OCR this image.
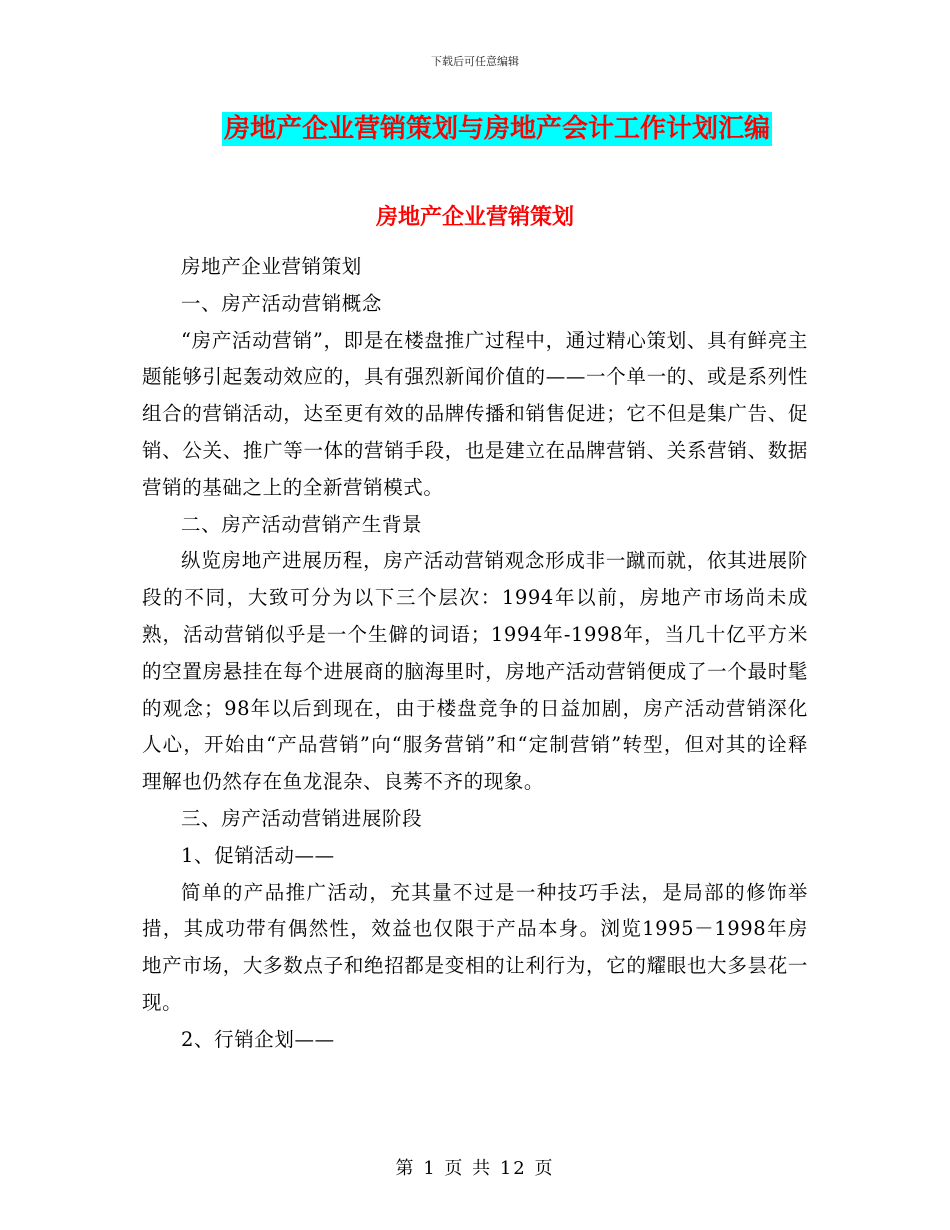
下载后可任意编辑
房地产企业营销策划与房地产会计工作计划汇编
房地产企业营销策划

房地产企业营销策划

一、房产活动营销概念

“房产活动营销”，即是在楼盘推广过程中，通过精心策划、具有鲜亮主题能够引起轰动效应的，具有强烈新闻价值的——一个单一的、或是系列性组合的营销活动，达至更有效的品牌传播和销售促进；它不但是集广告、促销、公关、推广等一体的营销手段，也是建立在品牌营销、关系营销、数据营销的基础之上的全新营销模式。

二、房产活动营销产生背景

纵览房地产进展历程，房产活动营销观念形成非一蹴而就，依其进展阶段的不同，大致可分为以下三个层次：1994年以前，房地产市场尚未成熟，活动营销似乎是一个生僻的词语；1994年-1998年，当几十亿平方米的空置房悬挂在每个进展商的脑海里时，房地产活动营销便成了一个最时髦的观念；98年以后到现在，由于楼盘竞争的日益加剧，房产活动营销深化人心，开始由“产品营销”向“服务营销”和“定制营销”转型，但对其的诠释理解也仍然存在鱼龙混杂、良莠不齐的现象。

三、房产活动营销进展阶段

1、促销活动——

简单的产品推广活动，充其量不过是一种技巧手法，是局部的修饰举措，其成功带有偶然性，效益也仅限于产品本身。浏览1995－1998年房地产市场，大多数点子和绝招都是变相的让利行为，它的耀眼也大多昙花一现。

2、行销企划——

第 1 页 共 12 页
